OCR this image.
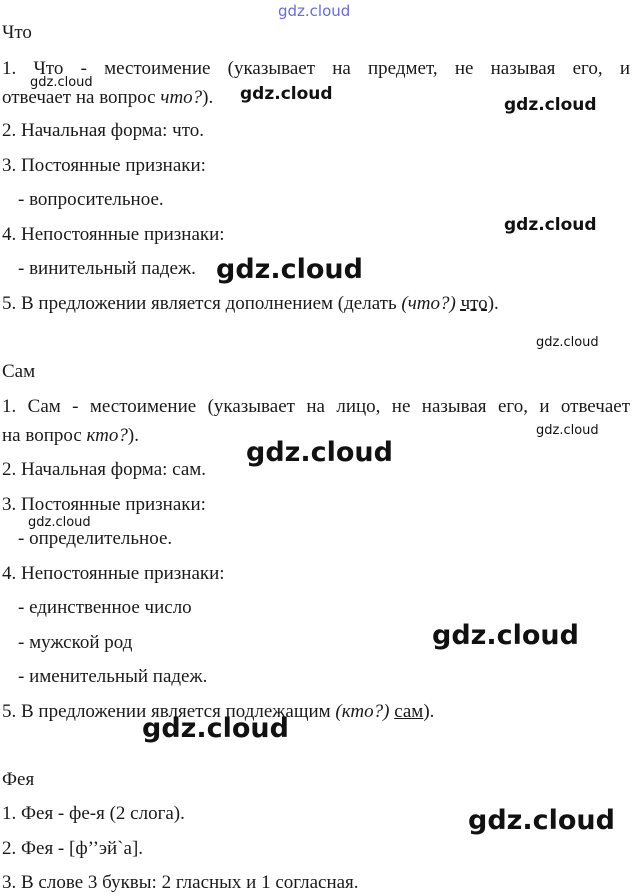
Что
1. Что - местоимение (указывает на предмет, не называя его, и
отвечает на вопрос что?).
2. Начальная форма: что.
3. Постоянные признаки:
- вопросительное.
4. Непостоянные признаки:
- винительный падеж.
5. В предложении является дополнением (делать (что?) что).
Сам
1. Сам - местоимение (указывает на лицо, не называя его, и отвечает
на вопрос кто?).
2. Начальная форма: сам.
3. Постоянные признаки:
- определительное.
4. Непостоянные признаки:
- единственное число
- мужской род
- именительный падеж.
5. В предложении является подлежащим (кто?) сам).
Фея
1. Фея - фе-я (2 слога).
2. Фея - [ф’’эй`а].
3. В слове 3 буквы: 2 гласных и 1 согласная.
gdz.cloud
gdz.cloud
gdz.cloud
gdz.cloud
gdz.cloud
gdz.cloud
gdz.cloud
gdz.cloud
gdz.cloud
gdz.cloud
gdz.cloud
gdz.cloud
gdz.cloud
